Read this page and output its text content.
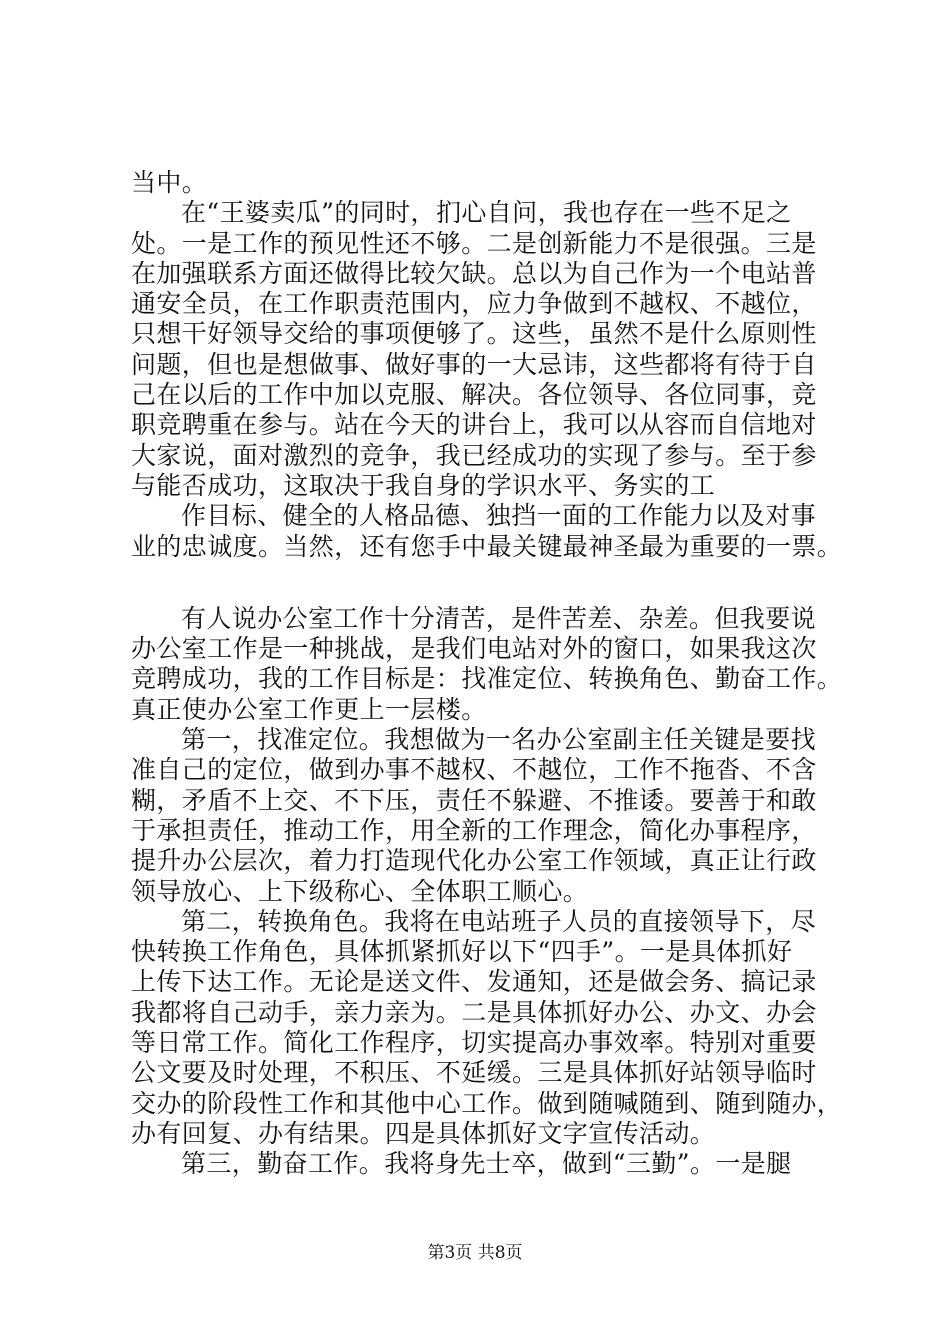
当中。
在“王婆卖瓜”的同时，扪心自问，我也存在一些不足之
处。一是工作的预见性还不够。二是创新能力不是很强。三是
在加强联系方面还做得比较欠缺。总以为自己作为一个电站普
通安全员，在工作职责范围内，应力争做到不越权、不越位，
只想干好领导交给的事项便够了。这些，虽然不是什么原则性
问题，但也是想做事、做好事的一大忌讳，这些都将有待于自
己在以后的工作中加以克服、解决。各位领导、各位同事，竞
职竞聘重在参与。站在今天的讲台上，我可以从容而自信地对
大家说，面对激烈的竞争，我已经成功的实现了参与。至于参
与能否成功，这取决于我自身的学识水平、务实的工
作目标、健全的人格品德、独挡一面的工作能力以及对事
业的忠诚度。当然，还有您手中最关键最神圣最为重要的一票。
有人说办公室工作十分清苦，是件苦差、杂差。但我要说
办公室工作是一种挑战，是我们电站对外的窗口，如果我这次
竞聘成功，我的工作目标是：找准定位、转换角色、勤奋工作。
真正使办公室工作更上一层楼。
第一，找准定位。我想做为一名办公室副主任关键是要找
准自己的定位，做到办事不越权、不越位，工作不拖沓、不含
糊，矛盾不上交、不下压，责任不躲避、不推诿。要善于和敢
于承担责任，推动工作，用全新的工作理念，简化办事程序，
提升办公层次，着力打造现代化办公室工作领域，真正让行政
领导放心、上下级称心、全体职工顺心。
第二，转换角色。我将在电站班子人员的直接领导下，尽
快转换工作角色，具体抓紧抓好以下“四手”。一是具体抓好
上传下达工作。无论是送文件、发通知，还是做会务、搞记录
我都将自己动手，亲力亲为。二是具体抓好办公、办文、办会
等日常工作。简化工作程序，切实提高办事效率。特别对重要
公文要及时处理，不积压、不延缓。三是具体抓好站领导临时
交办的阶段性工作和其他中心工作。做到随喊随到、随到随办，
办有回复、办有结果。四是具体抓好文字宣传活动。
第三，勤奋工作。我将身先士卒，做到“三勤”。一是腿
第3页 共8页
